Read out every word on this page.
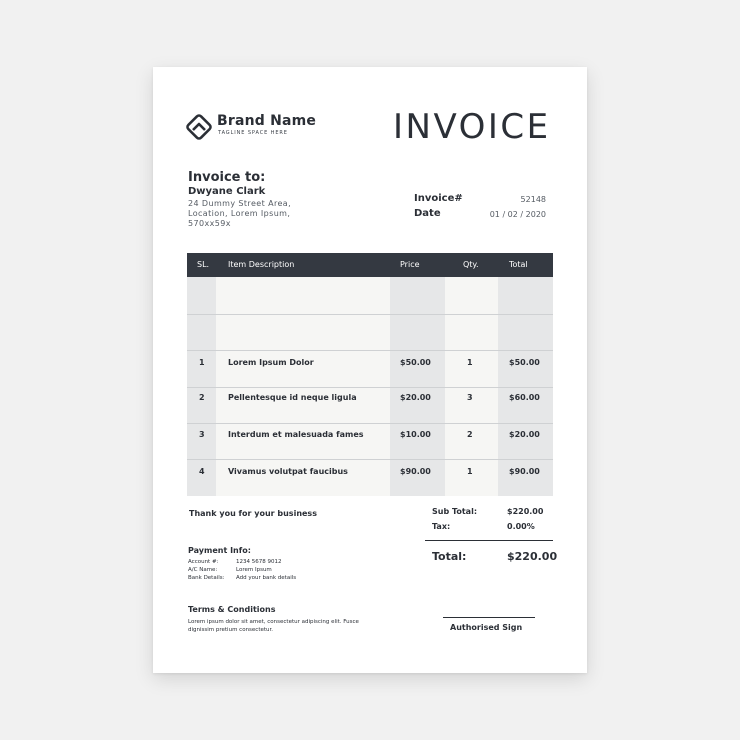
Brand Name
TAGLINE SPACE HERE	INVOICE
Invoice to:
Dwyane Clark
24 Dummy Street Area,
Location, Lorem Ipsum,
570xx59x
Invoice#	52148
Date	01 / 02 / 2020
SL. Item Description	Price	Qty.	Total
1	Lorem Ipsum Dolor	$50.00	1	$50.00
2	Pellentesque id neque ligula	$20.00	3	$60.00
3	Interdum et malesuada fames	$10.00	2	$20.00
4	Vivamus volutpat faucibus	$90.00	1	$90.00
Thank you for your business	Sub Total:	$220.00
Tax:	0.00%
Total:	$220.00
Payment Info:
Account #:	1234 5678 9012
A/C Name:	Lorem Ipsum
Bank Details: Add your bank details
Terms & Conditions
Lorem ipsum dolor sit amet, consectetur adipiscing elit. Fusce dignissim pretium consectetur.	Authorised Sign
